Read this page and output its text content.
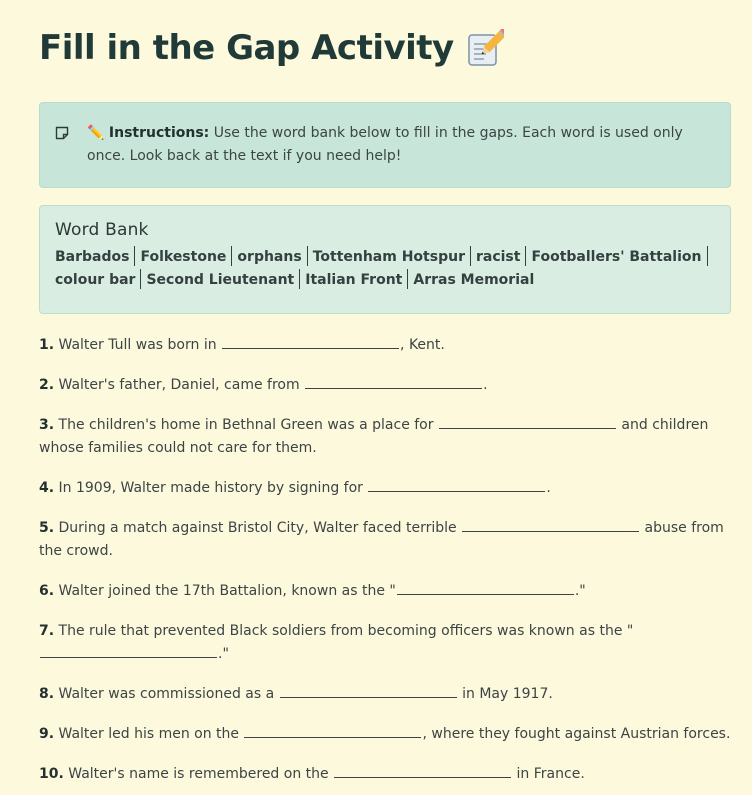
Fill in the Gap Activity
✏️ Instructions: Use the word bank below to fill in the gaps. Each word is used only once. Look back at the text if you need help!
Word Bank
Barbados Folkestone orphans Tottenham Hotspur racist Footballers' Battalioncolour bar Second Lieutenant Italian Front Arras Memorial
1. Walter Tull was born in	, Kent.
2. Walter's father, Daniel, came from	.
3. The children's home in Bethnal Green was a place for	and children whose families could not care for them.
4. In 1909, Walter made history by signing for	.
5. During a match against Bristol City, Walter faced terrible	abuse from the crowd.
6. Walter joined the 17th Battalion, known as the "	."
7. The rule that prevented Black soldiers from becoming officers was known as the "."
8. Walter was commissioned as a	in May 1917.
9. Walter led his men on the	, where they fought against Austrian forces.
10. Walter's name is remembered on the	in France.
